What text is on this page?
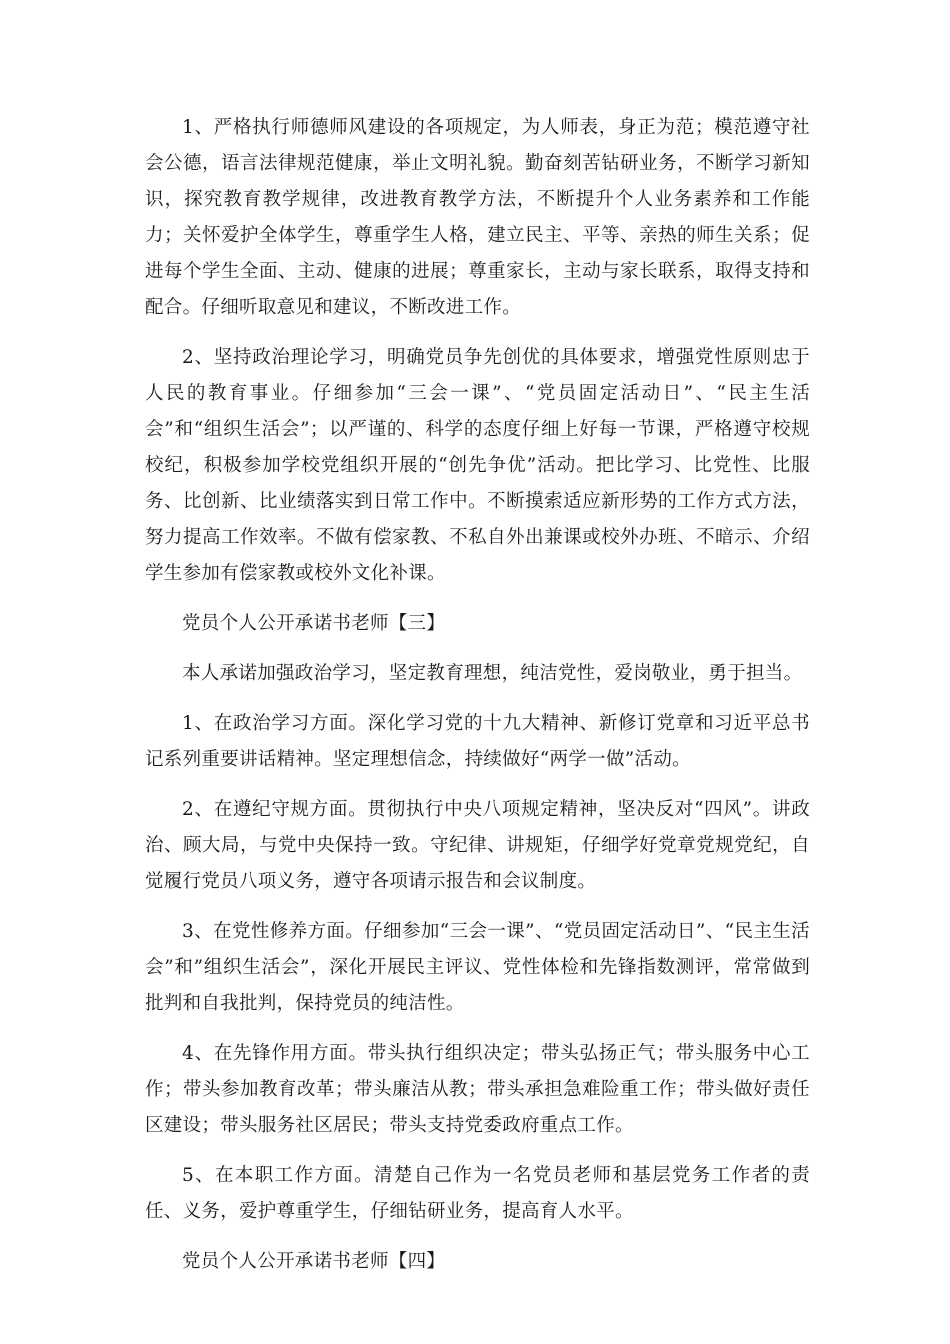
1、严格执行师德师风建设的各项规定，为人师表，身正为范；模范遵守社会公德，语言法律规范健康，举止文明礼貌。勤奋刻苦钻研业务，不断学习新知识，探究教育教学规律，改进教育教学方法，不断提升个人业务素养和工作能力；关怀爱护全体学生，尊重学生人格，建立民主、平等、亲热的师生关系；促进每个学生全面、主动、健康的进展；尊重家长，主动与家长联系，取得支持和配合。仔细听取意见和建议，不断改进工作。

2、坚持政治理论学习，明确党员争先创优的具体要求，增强党性原则忠于人民的教育事业。仔细参加“三会一课”、“党员固定活动日”、“民主生活会”和“组织生活会”；以严谨的、科学的态度仔细上好每一节课，严格遵守校规校纪，积极参加学校党组织开展的“创先争优”活动。把比学习、比党性、比服务、比创新、比业绩落实到日常工作中。不断摸索适应新形势的工作方式方法，努力提高工作效率。不做有偿家教、不私自外出兼课或校外办班、不暗示、介绍学生参加有偿家教或校外文化补课。

党员个人公开承诺书老师【三】

本人承诺加强政治学习，坚定教育理想，纯洁党性，爱岗敬业，勇于担当。

1、在政治学习方面。深化学习党的十九大精神、新修订党章和习近平总书记系列重要讲话精神。坚定理想信念，持续做好“两学一做”活动。

2、在遵纪守规方面。贯彻执行中央八项规定精神，坚决反对“四风”。讲政治、顾大局，与党中央保持一致。守纪律、讲规矩，仔细学好党章党规党纪，自觉履行党员八项义务，遵守各项请示报告和会议制度。

3、在党性修养方面。仔细参加“三会一课”、“党员固定活动日”、“民主生活会”和”组织生活会”，深化开展民主评议、党性体检和先锋指数测评，常常做到批判和自我批判，保持党员的纯洁性。

4、在先锋作用方面。带头执行组织决定；带头弘扬正气；带头服务中心工作；带头参加教育改革；带头廉洁从教；带头承担急难险重工作；带头做好责任区建设；带头服务社区居民；带头支持党委政府重点工作。

5、在本职工作方面。清楚自己作为一名党员老师和基层党务工作者的责任、义务，爱护尊重学生，仔细钻研业务，提高育人水平。

党员个人公开承诺书老师【四】
